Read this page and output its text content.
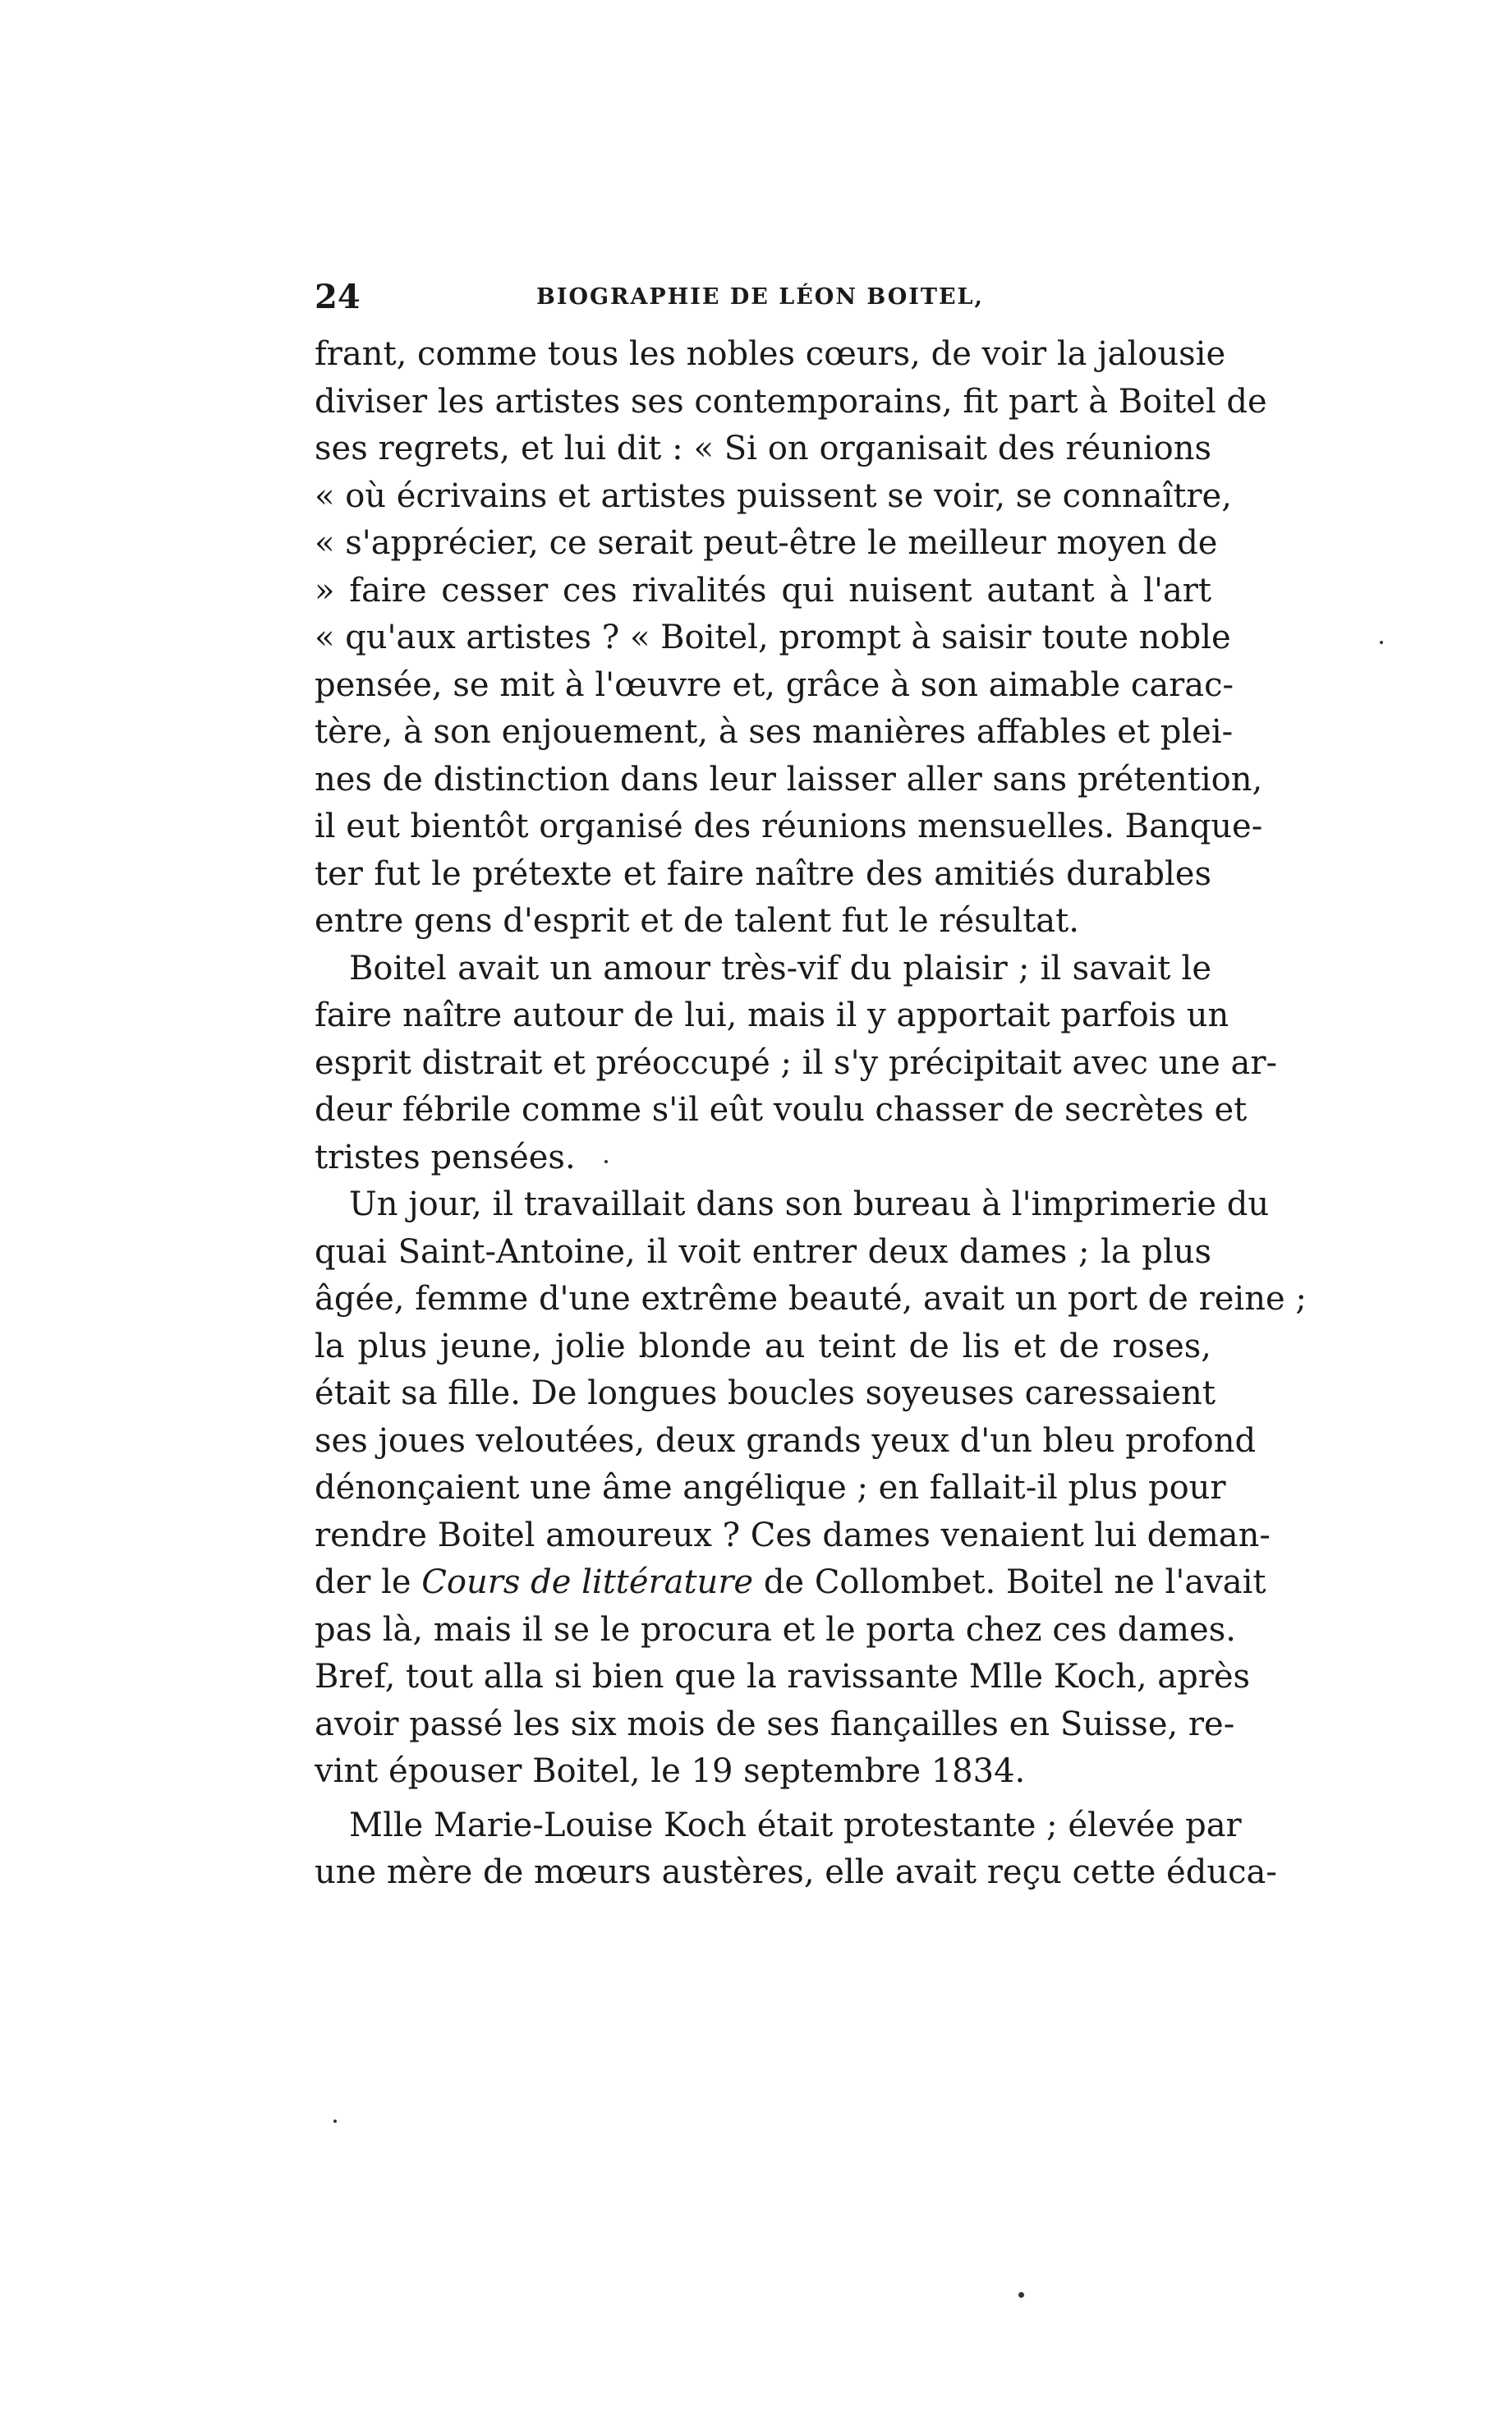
24	BIOGRAPHIE DE LÉON BOITEL,
frant, comme tous les nobles cœurs, de voir la jalousie
diviser les artistes ses contemporains, fit part à Boitel de
ses regrets, et lui dit : « Si on organisait des réunions
« où écrivains et artistes puissent se voir, se connaître,
« s'apprécier, ce serait peut-être le meilleur moyen de
» faire cesser ces rivalités qui nuisent autant à l'art
« qu'aux artistes ? « Boitel, prompt à saisir toute noble
pensée, se mit à l'œuvre et, grâce à son aimable carac-
tère, à son enjouement, à ses manières affables et plei-
nes de distinction dans leur laisser aller sans prétention,
il eut bientôt organisé des réunions mensuelles. Banque-
ter fut le prétexte et faire naître des amitiés durables
entre gens d'esprit et de talent fut le résultat.
Boitel avait un amour très-vif du plaisir ; il savait le
faire naître autour de lui, mais il y apportait parfois un
esprit distrait et préoccupé ; il s'y précipitait avec une ar-
deur fébrile comme s'il eût voulu chasser de secrètes et
tristes pensées.
Un jour, il travaillait dans son bureau à l'imprimerie du
quai Saint-Antoine, il voit entrer deux dames ; la plus
âgée, femme d'une extrême beauté, avait un port de reine ;
la plus jeune, jolie blonde au teint de lis et de roses,
était sa fille. De longues boucles soyeuses caressaient
ses joues veloutées, deux grands yeux d'un bleu profond
dénonçaient une âme angélique ; en fallait-il plus pour
rendre Boitel amoureux ? Ces dames venaient lui deman-
der le Cours de littérature de Collombet. Boitel ne l'avait
pas là, mais il se le procura et le porta chez ces dames.
Bref, tout alla si bien que la ravissante Mlle Koch, après
avoir passé les six mois de ses fiançailles en Suisse, re-
vint épouser Boitel, le 19 septembre 1834.
Mlle Marie-Louise Koch était protestante ; élevée par
une mère de mœurs austères, elle avait reçu cette éduca-
